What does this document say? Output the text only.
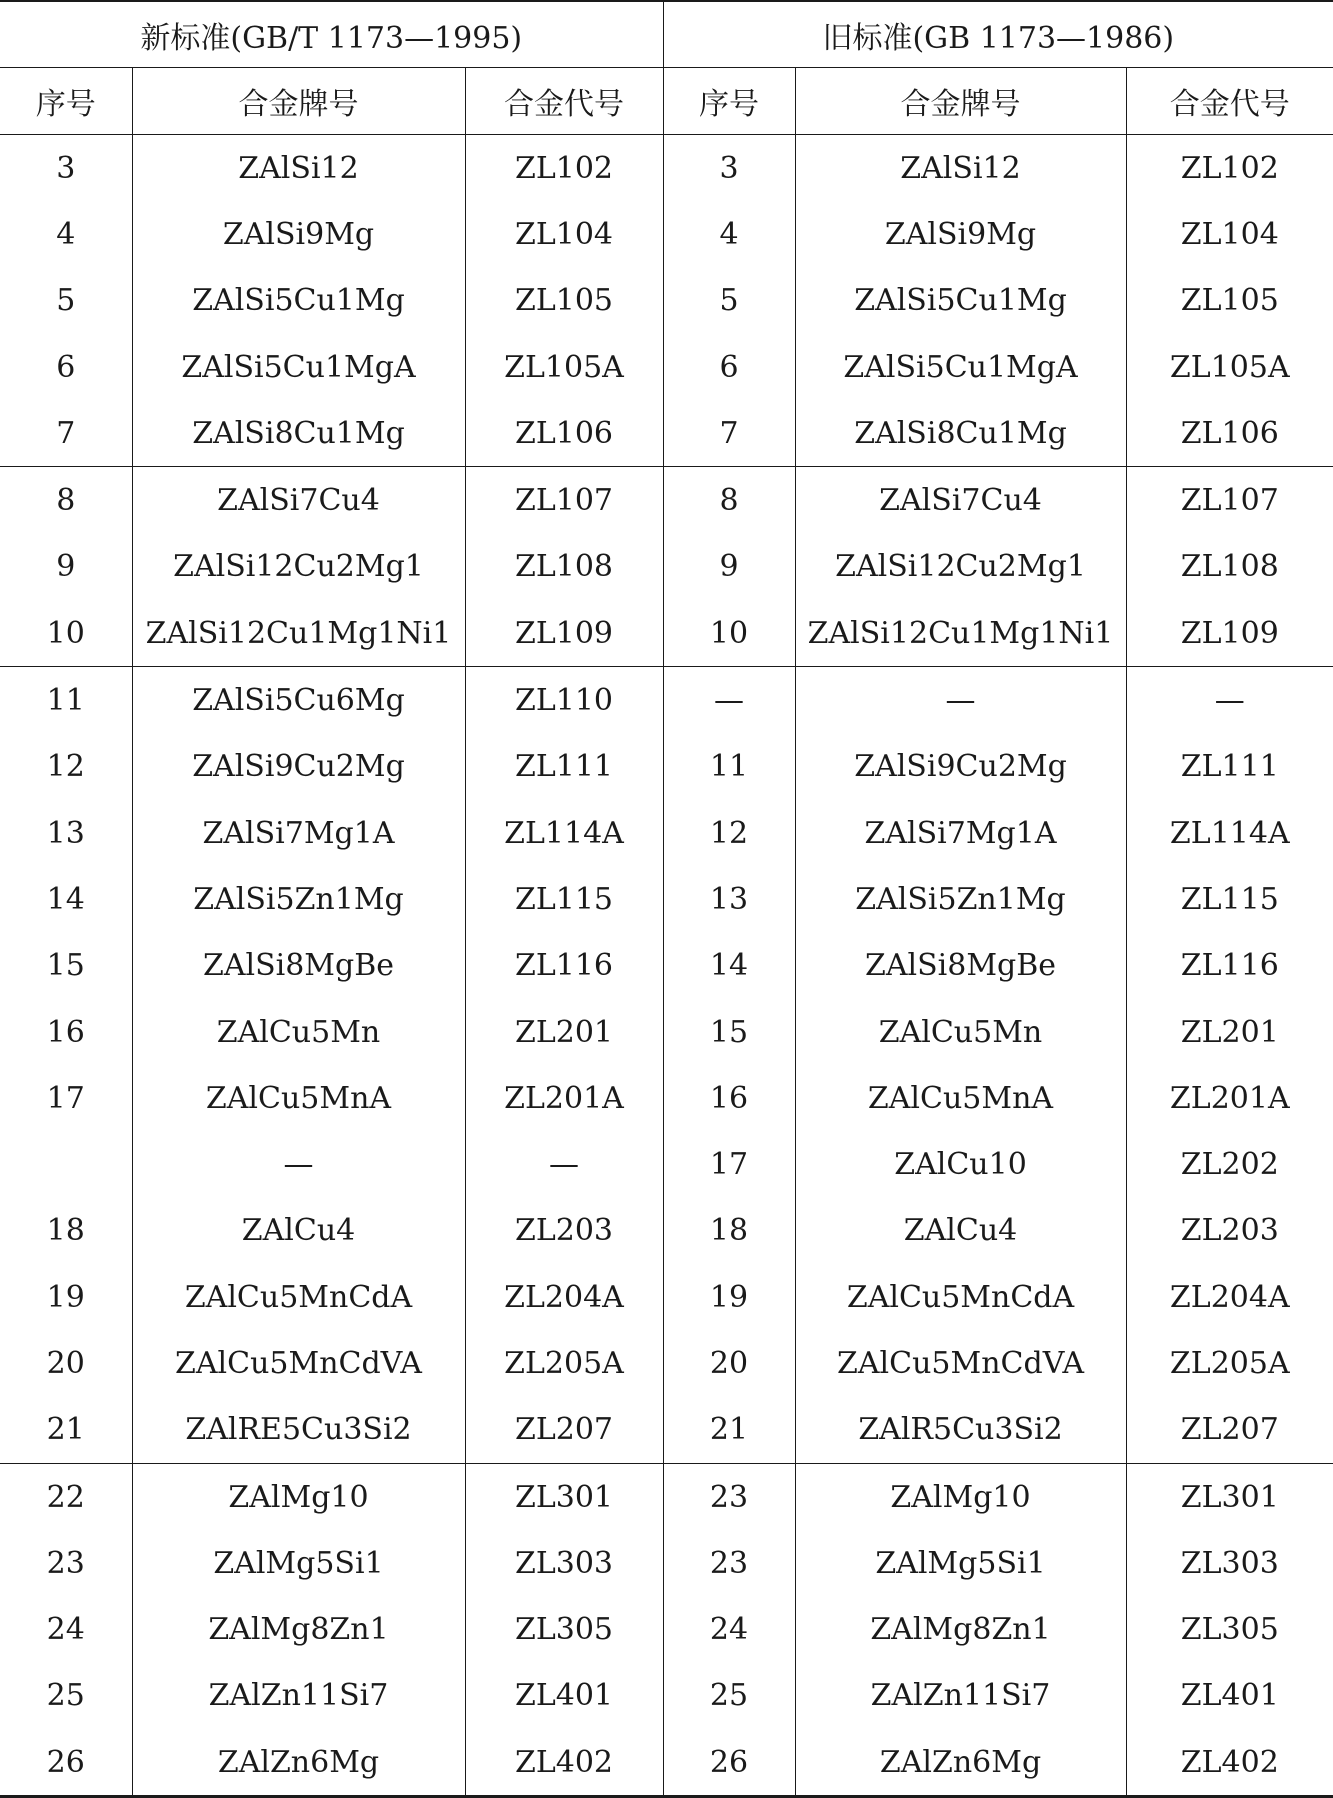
新标准(GB/T 1173—1995)			旧标准(GB 1173—1986)		
序号	合金牌号	合金代号	序号	合金牌号	合金代号
3	ZAlSi12	ZL102	3	ZAlSi12	ZL102
4	ZAlSi9Mg	ZL104	4	ZAlSi9Mg	ZL104
5	ZAlSi5Cu1Mg	ZL105	5	ZAlSi5Cu1Mg	ZL105
6	ZAlSi5Cu1MgA	ZL105A	6	ZAlSi5Cu1MgA	ZL105A
7	ZAlSi8Cu1Mg	ZL106	7	ZAlSi8Cu1Mg	ZL106
8	ZAlSi7Cu4	ZL107	8	ZAlSi7Cu4	ZL107
9	ZAlSi12Cu2Mg1	ZL108	9	ZAlSi12Cu2Mg1	ZL108
10	ZAlSi12Cu1Mg1Ni1	ZL109	10	ZAlSi12Cu1Mg1Ni1	ZL109
11	ZAlSi5Cu6Mg	ZL110	—	—	—
12	ZAlSi9Cu2Mg	ZL111	11	ZAlSi9Cu2Mg	ZL111
13	ZAlSi7Mg1A	ZL114A	12	ZAlSi7Mg1A	ZL114A
14	ZAlSi5Zn1Mg	ZL115	13	ZAlSi5Zn1Mg	ZL115
15	ZAlSi8MgBe	ZL116	14	ZAlSi8MgBe	ZL116
16	ZAlCu5Mn	ZL201	15	ZAlCu5Mn	ZL201
17	ZAlCu5MnA	ZL201A	16	ZAlCu5MnA	ZL201A
	—	—	17	ZAlCu10	ZL202
18	ZAlCu4	ZL203	18	ZAlCu4	ZL203
19	ZAlCu5MnCdA	ZL204A	19	ZAlCu5MnCdA	ZL204A
20	ZAlCu5MnCdVA	ZL205A	20	ZAlCu5MnCdVA	ZL205A
21	ZAlRE5Cu3Si2	ZL207	21	ZAlR5Cu3Si2	ZL207
22	ZAlMg10	ZL301	23	ZAlMg10	ZL301
23	ZAlMg5Si1	ZL303	23	ZAlMg5Si1	ZL303
24	ZAlMg8Zn1	ZL305	24	ZAlMg8Zn1	ZL305
25	ZAlZn11Si7	ZL401	25	ZAlZn11Si7	ZL401
26	ZAlZn6Mg	ZL402	26	ZAlZn6Mg	ZL402
